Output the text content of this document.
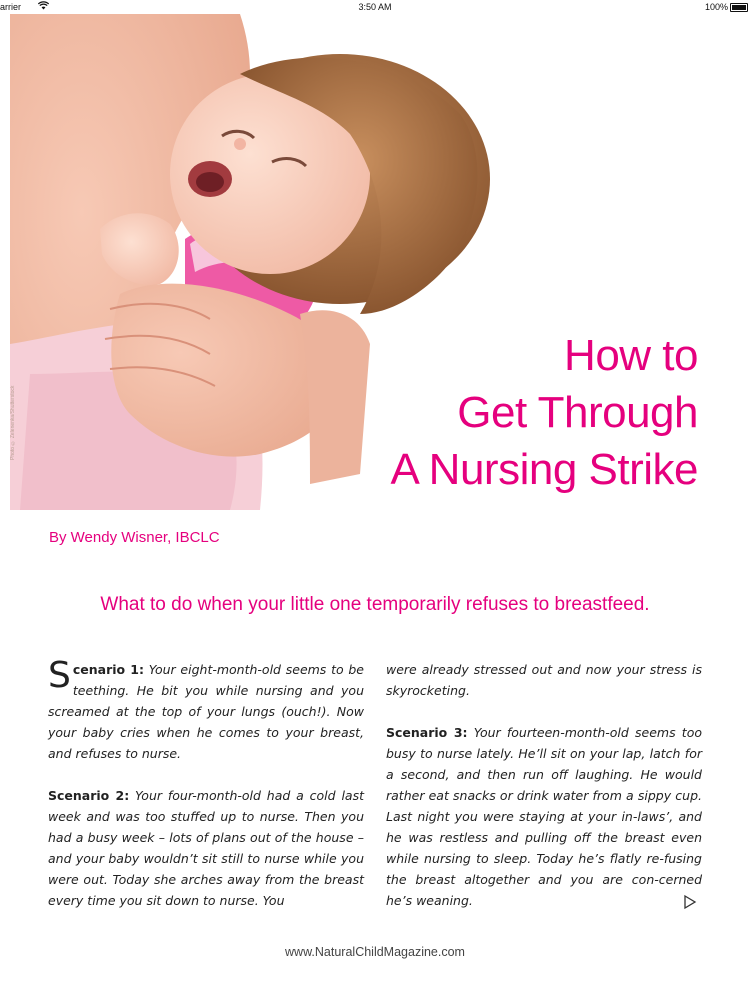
arrier	3:50 AM	100%
Photo © Zelenenka/Shutterstock
How to
Get Through
A Nursing Strike

By Wendy Wisner, IBCLC

What to do when your little one temporarily refuses to breastfeed.

Scenario 1: Your eight-month-old seems to be teething. He bit you while nursing and you screamed at the top of your lungs (ouch!). Now your baby cries when he comes to your breast, and refuses to nurse.

Scenario 2: Your four-month-old had a cold last week and was too stuffed up to nurse. Then you had a busy week – lots of plans out of the house – and your baby wouldn’t sit still to nurse while you were out. Today she arches away from the breast every time you sit down to nurse. You

were already stressed out and now your stress is skyrocketing.

Scenario 3: Your fourteen-month-old seems too busy to nurse lately. He’ll sit on your lap, latch for a second, and then run off laughing. He would rather eat snacks or drink water from a sippy cup. Last night you were staying at your in-laws’, and he was restless and pulling off the breast even while nursing to sleep. Today he’s flatly re-fusing the breast altogether and you are con-cerned he’s weaning.

www.NaturalChildMagazine.com
